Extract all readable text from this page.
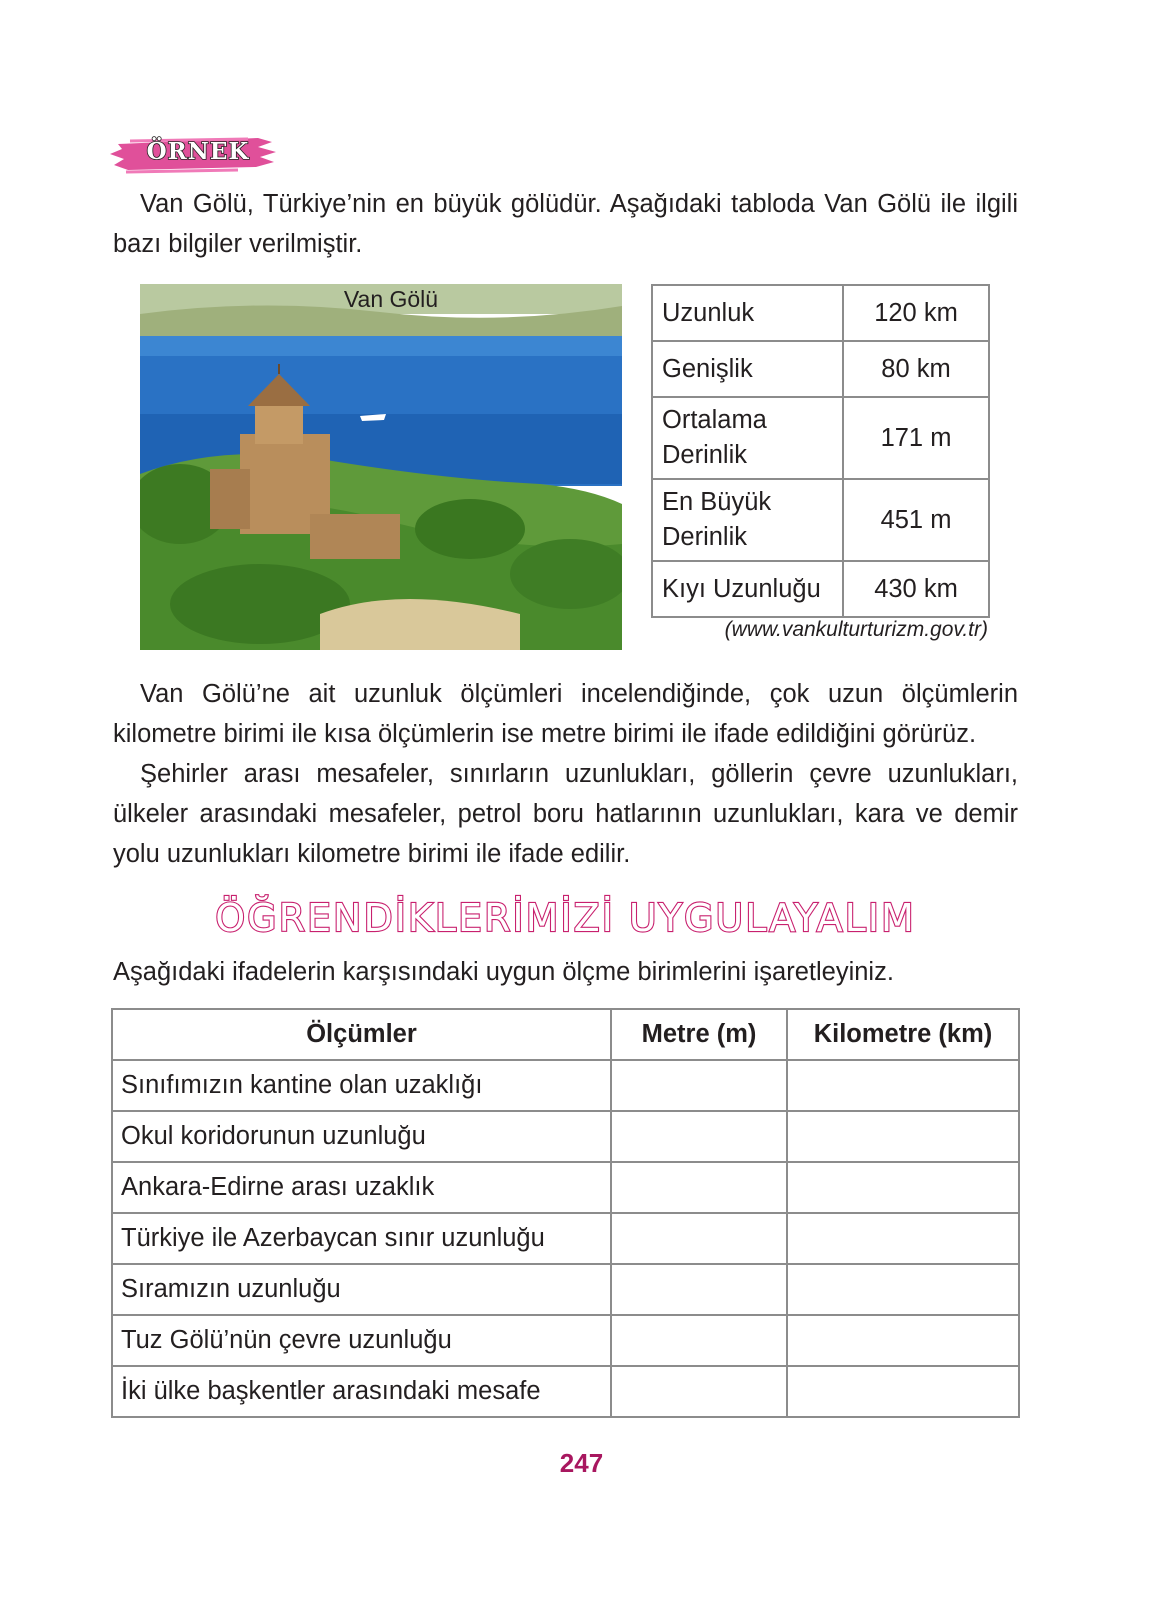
ÖRNEK

Van Gölü, Türkiye’nin en büyük gölüdür. Aşağıdaki tabloda Van Gölü ile ilgili bazı bilgiler verilmiştir.

Van Gölü	Uzunluk	120 km
Genişlik	80 km
Ortalama Derinlik	171 m
En Büyük Derinlik	451 m
Kıyı Uzunluğu	430 km
(www.vankulturturizm.gov.tr)

Van Gölü’ne ait uzunluk ölçümleri incelendiğinde, çok uzun ölçümlerin kilometre birimi ile kısa ölçümlerin ise metre birimi ile ifade edildiğini görürüz.

Şehirler arası mesafeler, sınırların uzunlukları, göllerin çevre uzunlukları, ülkeler arasındaki mesafeler, petrol boru hatlarının uzunlukları, kara ve demir yolu uzunlukları kilometre birimi ile ifade edilir.

ÖĞRENDİKLERİMİZİ UYGULAYALIM

Aşağıdaki ifadelerin karşısındaki uygun ölçme birimlerini işaretleyiniz.

Ölçümler	Metre (m)	Kilometre (km)
Sınıfımızın kantine olan uzaklığı		
Okul koridorunun uzunluğu		
Ankara-Edirne arası uzaklık		
Türkiye ile Azerbaycan sınır uzunluğu		
Sıramızın uzunluğu		
Tuz Gölü’nün çevre uzunluğu		
İki ülke başkentler arasındaki mesafe		
247
